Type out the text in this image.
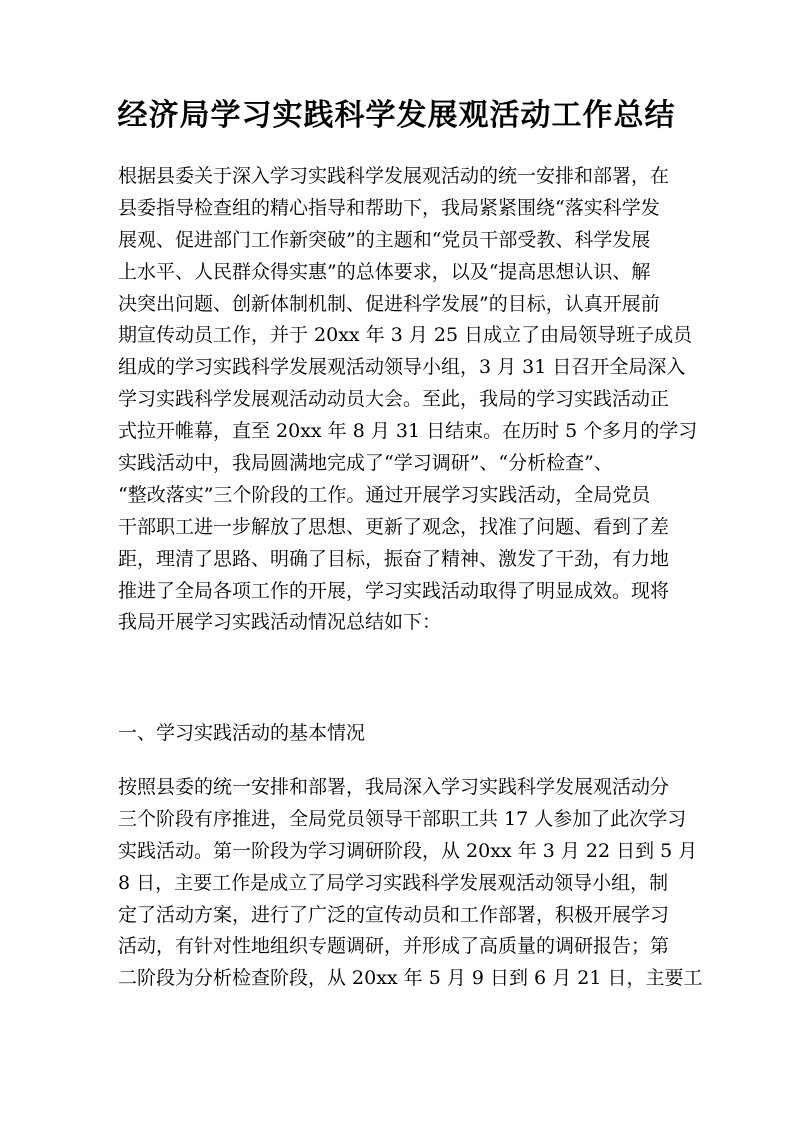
经济局学习实践科学发展观活动工作总结
根据县委关于深入学习实践科学发展观活动的统一安排和部署，在
县委指导检查组的精心指导和帮助下，我局紧紧围绕“落实科学发
展观、促进部门工作新突破”的主题和“党员干部受教、科学发展
上水平、人民群众得实惠”的总体要求，以及“提高思想认识、解
决突出问题、创新体制机制、促进科学发展”的目标，认真开展前
期宣传动员工作，并于 20xx 年 3 月 25 日成立了由局领导班子成员
组成的学习实践科学发展观活动领导小组，3 月 31 日召开全局深入
学习实践科学发展观活动动员大会。至此，我局的学习实践活动正
式拉开帷幕，直至 20xx 年 8 月 31 日结束。在历时 5 个多月的学习
实践活动中，我局圆满地完成了“学习调研”、“分析检查”、
“整改落实”三个阶段的工作。通过开展学习实践活动，全局党员
干部职工进一步解放了思想、更新了观念，找准了问题、看到了差
距，理清了思路、明确了目标，振奋了精神、激发了干劲，有力地
推进了全局各项工作的开展，学习实践活动取得了明显成效。现将
我局开展学习实践活动情况总结如下：
一、学习实践活动的基本情况
按照县委的统一安排和部署，我局深入学习实践科学发展观活动分
三个阶段有序推进，全局党员领导干部职工共 17 人参加了此次学习
实践活动。第一阶段为学习调研阶段，从 20xx 年 3 月 22 日到 5 月
8 日，主要工作是成立了局学习实践科学发展观活动领导小组，制
定了活动方案，进行了广泛的宣传动员和工作部署，积极开展学习
活动，有针对性地组织专题调研，并形成了高质量的调研报告；第
二阶段为分析检查阶段，从 20xx 年 5 月 9 日到 6 月 21 日，主要工
